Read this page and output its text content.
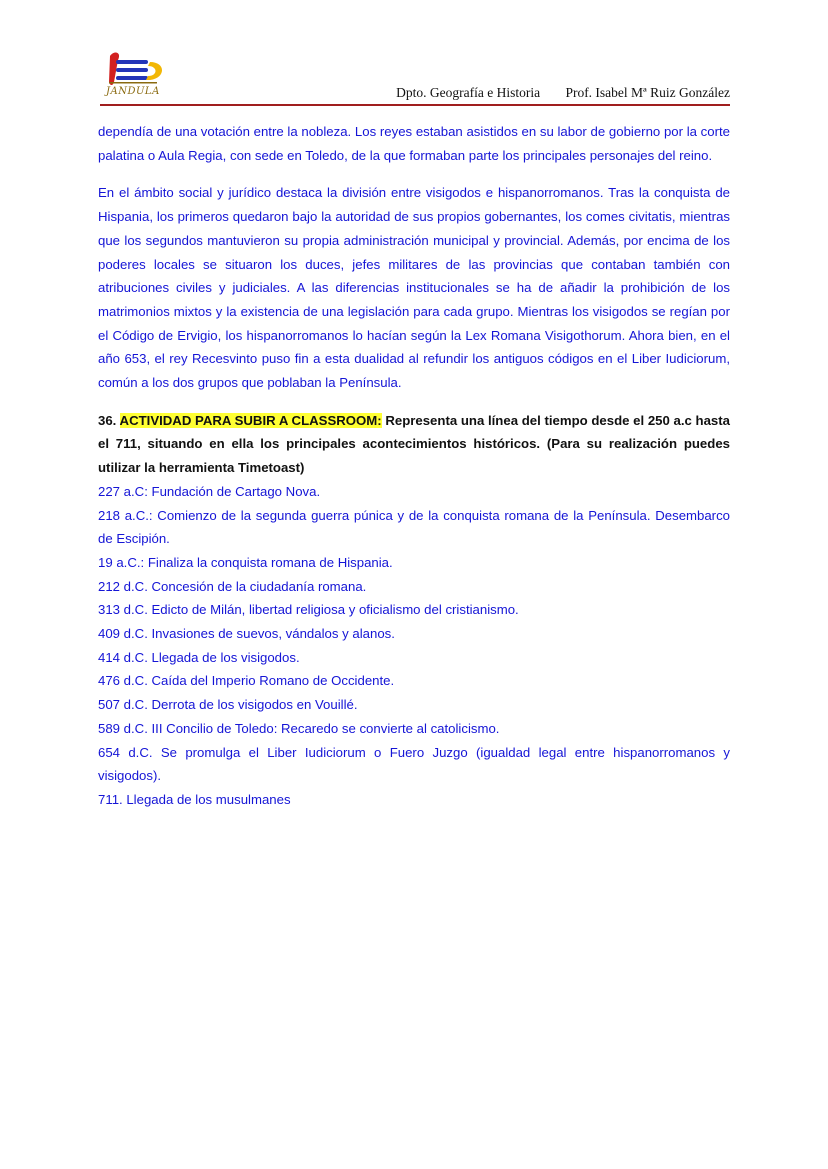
JANDULA	Dpto. Geografía e Historia Prof. Isabel Mª Ruiz González

dependía de una votación entre la nobleza. Los reyes estaban asistidos en su labor de gobierno por la corte palatina o Aula Regia, con sede en Toledo, de la que formaban parte los principales personajes del reino.

En el ámbito social y jurídico destaca la división entre visigodos e hispanorromanos. Tras la conquista de Hispania, los primeros quedaron bajo la autoridad de sus propios gobernantes, los comes civitatis, mientras que los segundos mantuvieron su propia administración municipal y provincial. Además, por encima de los poderes locales se situaron los duces, jefes militares de las provincias que contaban también con atribuciones civiles y judiciales. A las diferencias institucionales se ha de añadir la prohibición de los matrimonios mixtos y la existencia de una legislación para cada grupo. Mientras los visigodos se regían por el Código de Ervigio, los hispanorromanos lo hacían según la Lex Romana Visigothorum. Ahora bien, en el año 653, el rey Recesvinto puso fin a esta dualidad al refundir los antiguos códigos en el Liber Iudiciorum, común a los dos grupos que poblaban la Península.

36. ACTIVIDAD PARA SUBIR A CLASSROOM: Representa una línea del tiempo desde el 250 a.c hasta el 711, situando en ella los principales acontecimientos históricos. (Para su realización puedes utilizar la herramienta Timetoast)

227 a.C: Fundación de Cartago Nova.
218 a.C.: Comienzo de la segunda guerra púnica y de la conquista romana de la Península. Desembarco de Escipión.
19 a.C.: Finaliza la conquista romana de Hispania.
212 d.C. Concesión de la ciudadanía romana.
313 d.C. Edicto de Milán, libertad religiosa y oficialismo del cristianismo.
409 d.C. Invasiones de suevos, vándalos y alanos.
414 d.C. Llegada de los visigodos.
476 d.C. Caída del Imperio Romano de Occidente.
507 d.C. Derrota de los visigodos en Vouillé.
589 d.C. III Concilio de Toledo: Recaredo se convierte al catolicismo.
654 d.C. Se promulga el Liber Iudiciorum o Fuero Juzgo (igualdad legal entre hispanorromanos y visigodos).
711. Llegada de los musulmanes
